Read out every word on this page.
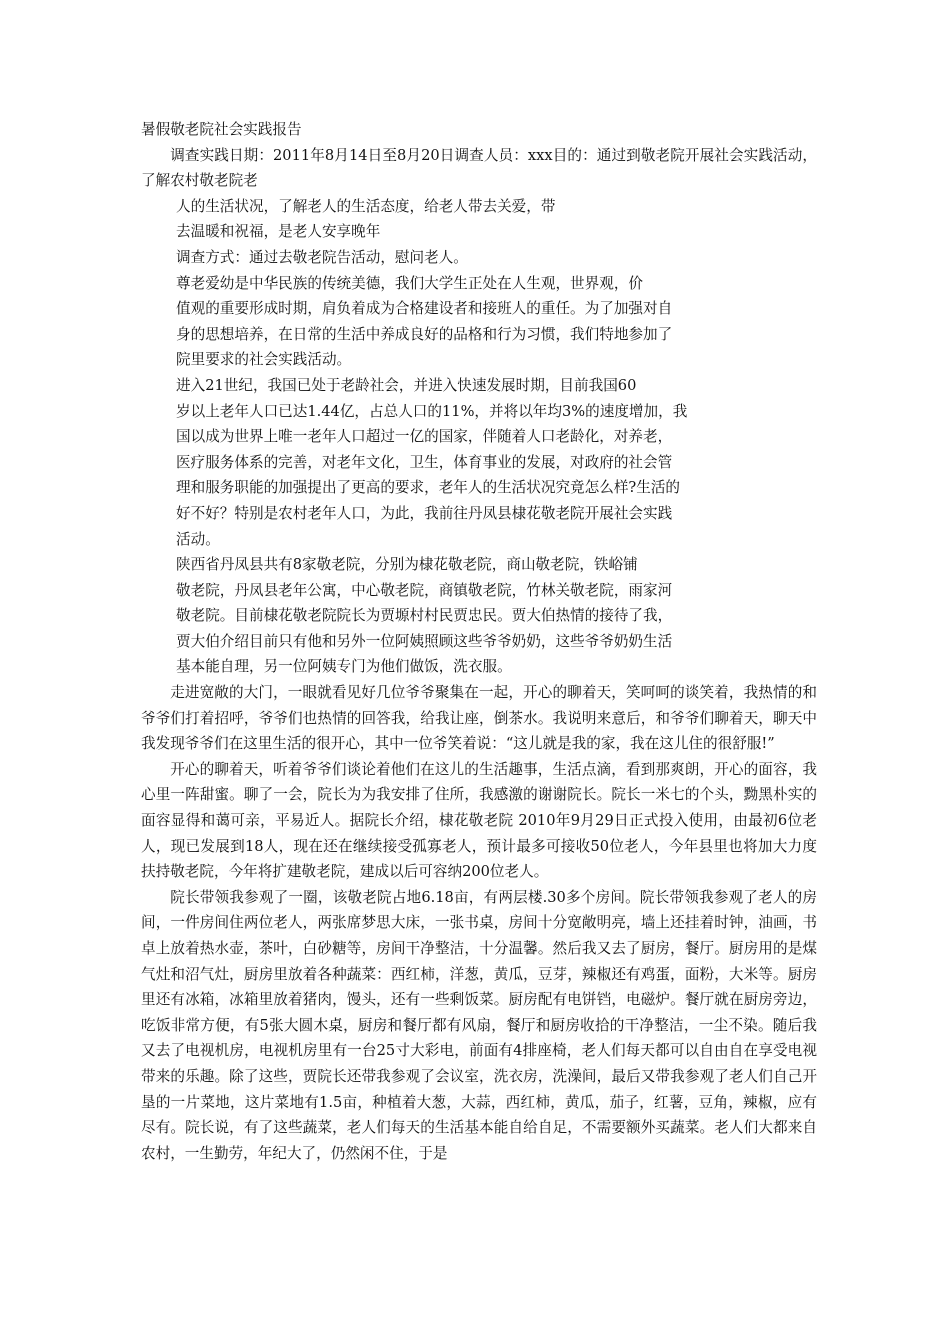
暑假敬老院社会实践报告

调查实践日期：2011年8月14日至8月20日调查人员：xxx目的：通过到敬老院开展社会实践活动，了解农村敬老院老

人的生活状况，了解老人的生活态度，给老人带去关爱，带
去温暖和祝福，是老人安享晚年
调查方式：通过去敬老院告活动，慰问老人。
尊老爱幼是中华民族的传统美德，我们大学生正处在人生观，世界观，价
值观的重要形成时期，肩负着成为合格建设者和接班人的重任。为了加强对自
身的思想培养，在日常的生活中养成良好的品格和行为习惯，我们特地参加了
院里要求的社会实践活动。
进入21世纪，我国已处于老龄社会，并进入快速发展时期，目前我国60
岁以上老年人口已达1.44亿，占总人口的11%，并将以年均3%的速度增加，我
国以成为世界上唯一老年人口超过一亿的国家，伴随着人口老龄化，对养老，
医疗服务体系的完善，对老年文化，卫生，体育事业的发展，对政府的社会管
理和服务职能的加强提出了更高的要求，老年人的生活状况究竟怎么样?生活的
好不好？特别是农村老年人口，为此，我前往丹凤县棣花敬老院开展社会实践
活动。
陕西省丹凤县共有8家敬老院，分别为棣花敬老院，商山敬老院，铁峪铺
敬老院，丹凤县老年公寓，中心敬老院，商镇敬老院，竹林关敬老院，雨家河
敬老院。目前棣花敬老院院长为贾塬村村民贾忠民。贾大伯热情的接待了我，
贾大伯介绍目前只有他和另外一位阿姨照顾这些爷爷奶奶，这些爷爷奶奶生活
基本能自理，另一位阿姨专门为他们做饭，洗衣服。

走进宽敞的大门，一眼就看见好几位爷爷聚集在一起，开心的聊着天，笑呵呵的谈笑着，我热情的和爷爷们打着招呼，爷爷们也热情的回答我，给我让座，倒茶水。我说明来意后，和爷爷们聊着天，聊天中我发现爷爷们在这里生活的很开心，其中一位爷笑着说：“这儿就是我的家，我在这儿住的很舒服!”

开心的聊着天，听着爷爷们谈论着他们在这儿的生活趣事，生活点滴，看到那爽朗，开心的面容，我心里一阵甜蜜。聊了一会，院长为为我安排了住所，我感激的谢谢院长。院长一米七的个头，黝黑朴实的面容显得和蔼可亲，平易近人。据院长介绍，棣花敬老院 2010年9月29日正式投入使用，由最初6位老人，现已发展到18人，现在还在继续接受孤寡老人，预计最多可接收50位老人，今年县里也将加大力度扶持敬老院，今年将扩建敬老院，建成以后可容纳200位老人。

院长带领我参观了一圈，该敬老院占地6.18亩，有两层楼.30多个房间。院长带领我参观了老人的房间，一件房间住两位老人，两张席梦思大床，一张书桌，房间十分宽敞明亮，墙上还挂着时钟，油画，书卓上放着热水壶，茶叶，白砂糖等，房间干净整洁，十分温馨。然后我又去了厨房，餐厅。厨房用的是煤气灶和沼气灶，厨房里放着各种蔬菜：西红柿，洋葱，黄瓜，豆芽，辣椒还有鸡蛋，面粉，大米等。厨房里还有冰箱，冰箱里放着猪肉，馒头，还有一些剩饭菜。厨房配有电饼铛，电磁炉。餐厅就在厨房旁边，吃饭非常方便，有5张大圆木桌，厨房和餐厅都有风扇，餐厅和厨房收拾的干净整洁，一尘不染。随后我又去了电视机房，电视机房里有一台25寸大彩电，前面有4排座椅，老人们每天都可以自由自在享受电视带来的乐趣。除了这些，贾院长还带我参观了会议室，洗衣房，洗澡间，最后又带我参观了老人们自己开垦的一片菜地，这片菜地有1.5亩，种植着大葱，大蒜，西红柿，黄瓜，茄子，红薯，豆角，辣椒，应有尽有。院长说，有了这些蔬菜，老人们每天的生活基本能自给自足，不需要额外买蔬菜。老人们大都来自农村，一生勤劳，年纪大了，仍然闲不住，于是
